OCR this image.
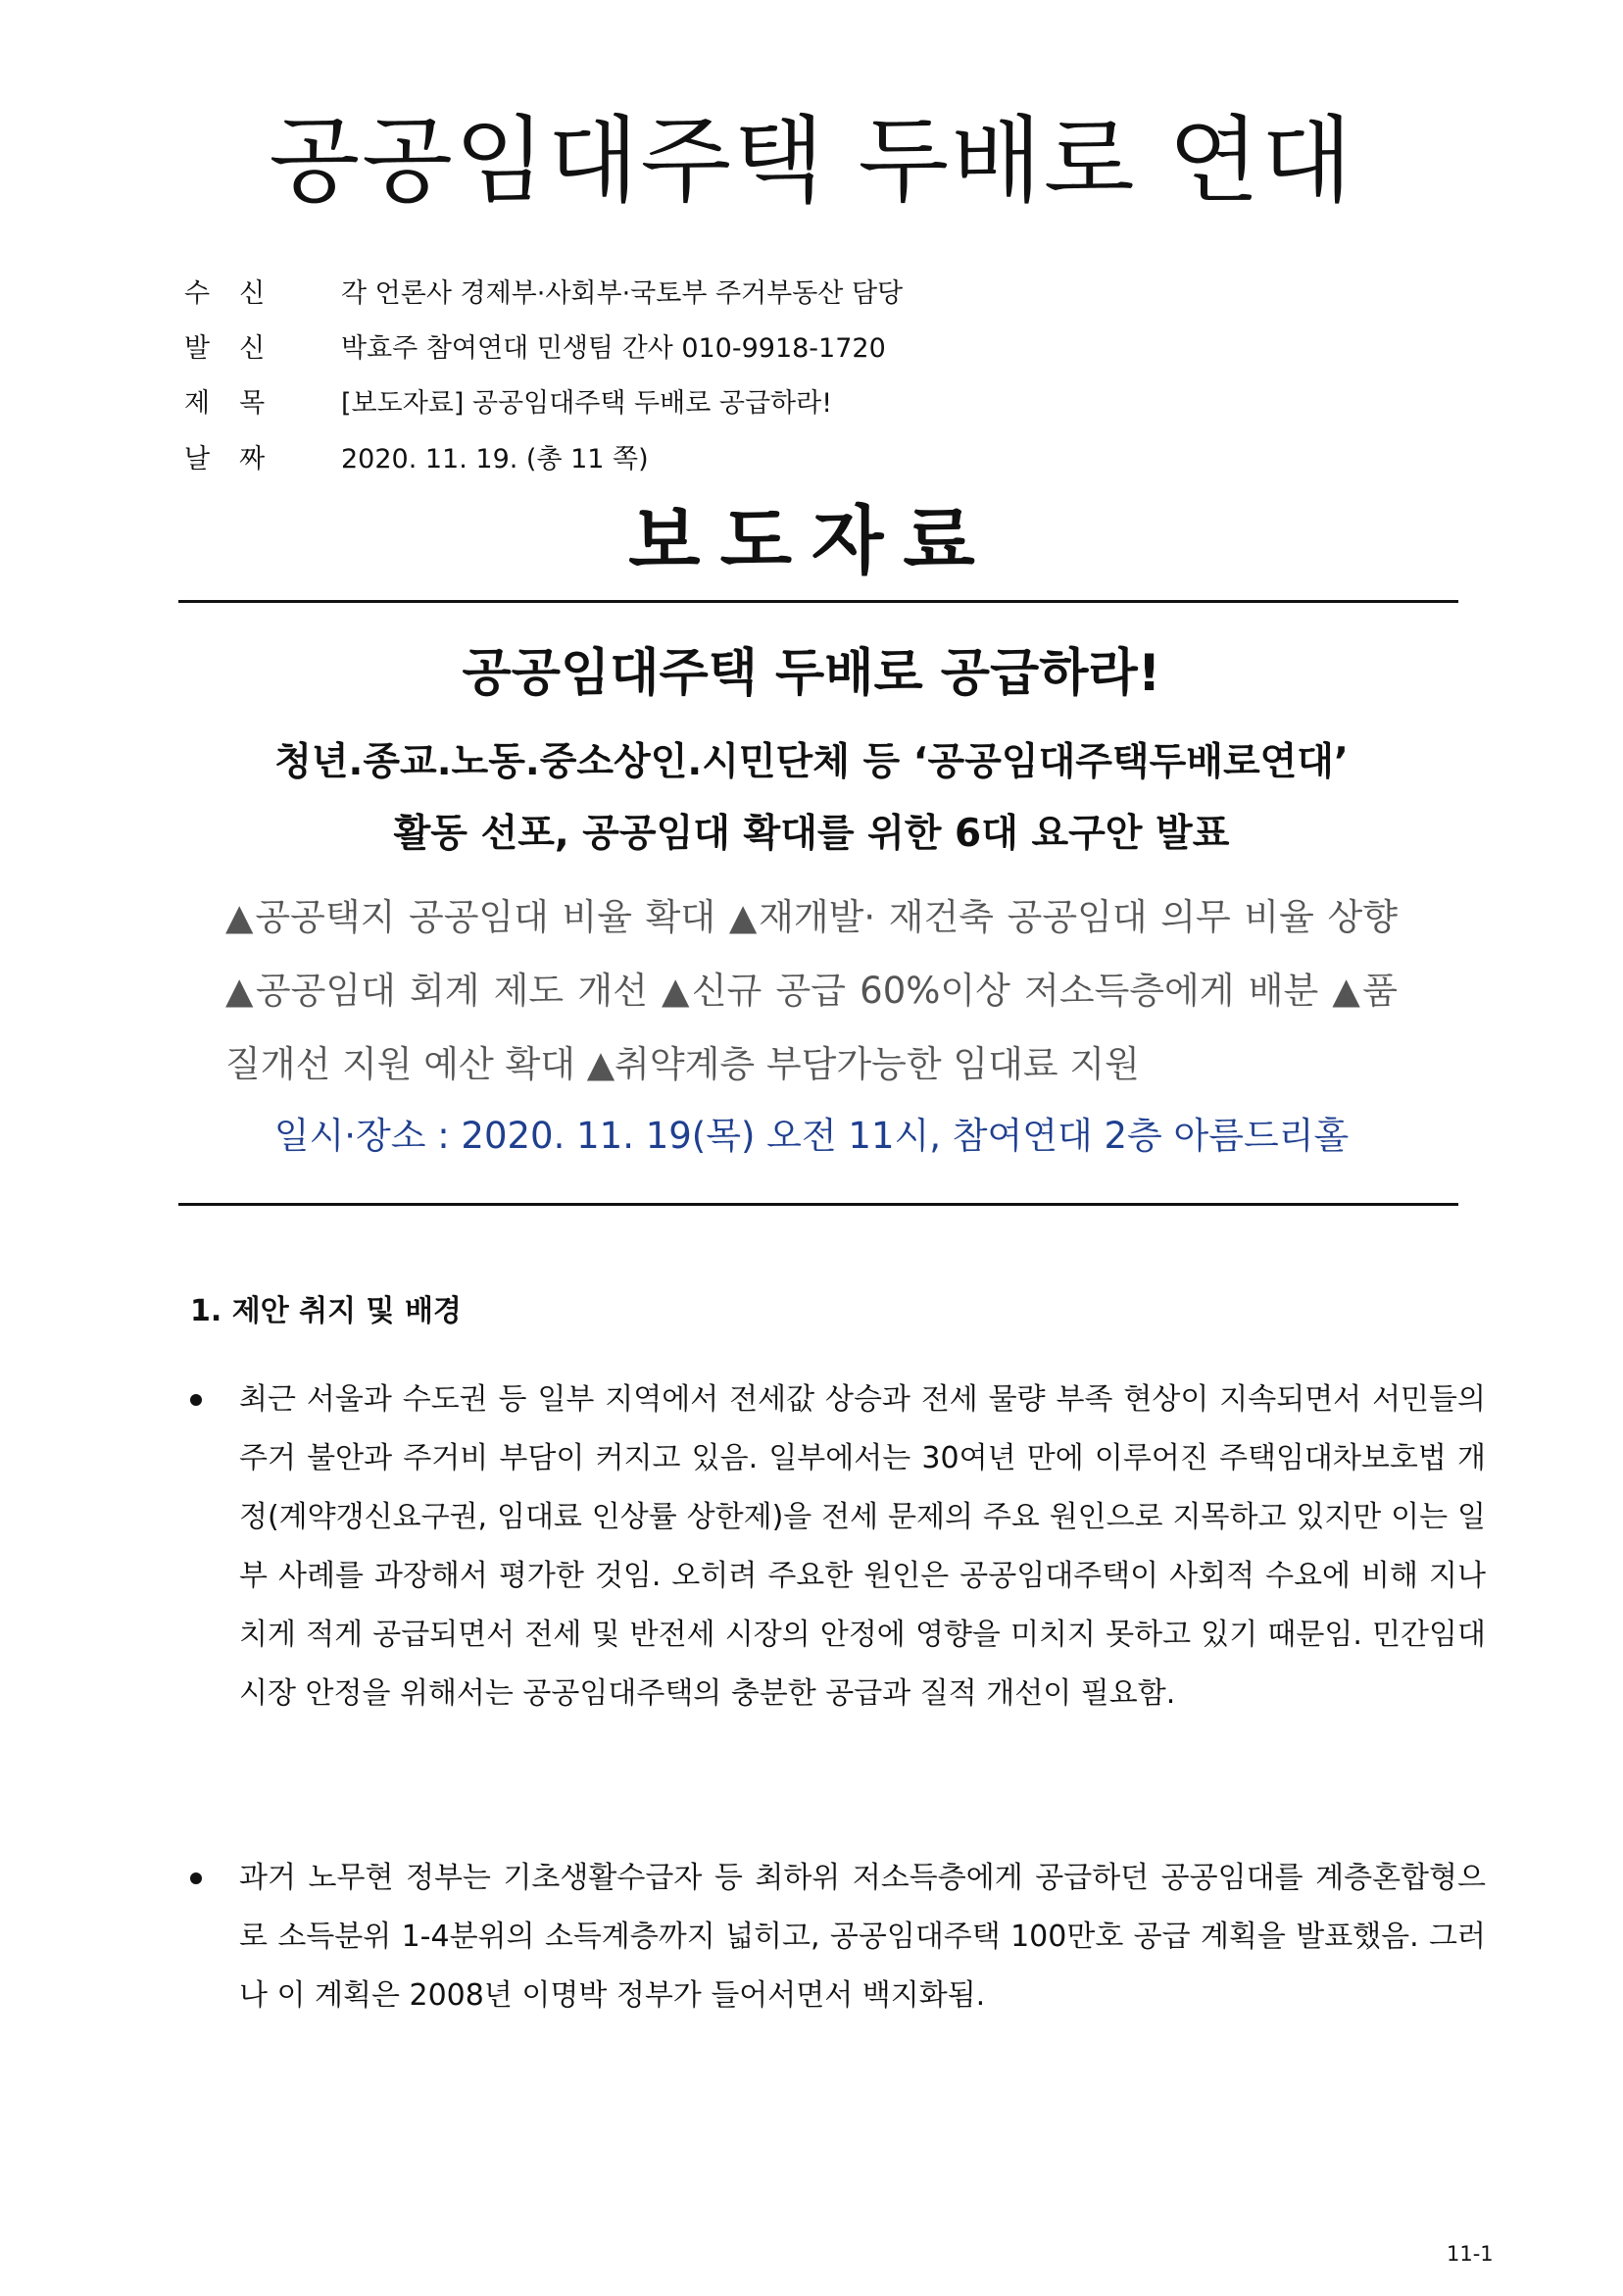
공공임대주택 두배로 연대
수신	각 언론사 경제부·사회부·국토부 주거부동산 담당
발신	박효주 참여연대 민생팀 간사 010-9918-1720
제목	[보도자료] 공공임대주택 두배로 공급하라!
날짜	2020. 11. 19. (총 11 쪽)
보도자료
공공임대주택 두배로 공급하라!
청년.종교.노동.중소상인.시민단체 등 ‘공공임대주택두배로연대’
활동 선포, 공공임대 확대를 위한 6대 요구안 발표
▲공공택지 공공임대 비율 확대 ▲재개발· 재건축 공공임대 의무 비율 상향 ▲공공임대 회계 제도 개선 ▲신규 공급 60%이상 저소득층에게 배분 ▲품질개선 지원 예산 확대 ▲취약계층 부담가능한 임대료 지원
일시·장소 : 2020. 11. 19(목) 오전 11시, 참여연대 2층 아름드리홀
1. 제안 취지 및 배경
최근 서울과 수도권 등 일부 지역에서 전세값 상승과 전세 물량 부족 현상이 지속되면서 서민들의 주거 불안과 주거비 부담이 커지고 있음. 일부에서는 30여년 만에 이루어진 주택임대차보호법 개정(계약갱신요구권, 임대료 인상률 상한제)을 전세 문제의 주요 원인으로 지목하고 있지만 이는 일부 사례를 과장해서 평가한 것임. 오히려 주요한 원인은 공공임대주택이 사회적 수요에 비해 지나치게 적게 공급되면서 전세 및 반전세 시장의 안정에 영향을 미치지 못하고 있기 때문임. 민간임대 시장 안정을 위해서는 공공임대주택의 충분한 공급과 질적 개선이 필요함.
과거 노무현 정부는 기초생활수급자 등 최하위 저소득층에게 공급하던 공공임대를 계층혼합형으로 소득분위 1-4분위의 소득계층까지 넓히고, 공공임대주택 100만호 공급 계획을 발표했음. 그러나 이 계획은 2008년 이명박 정부가 들어서면서 백지화됨.
11-1
